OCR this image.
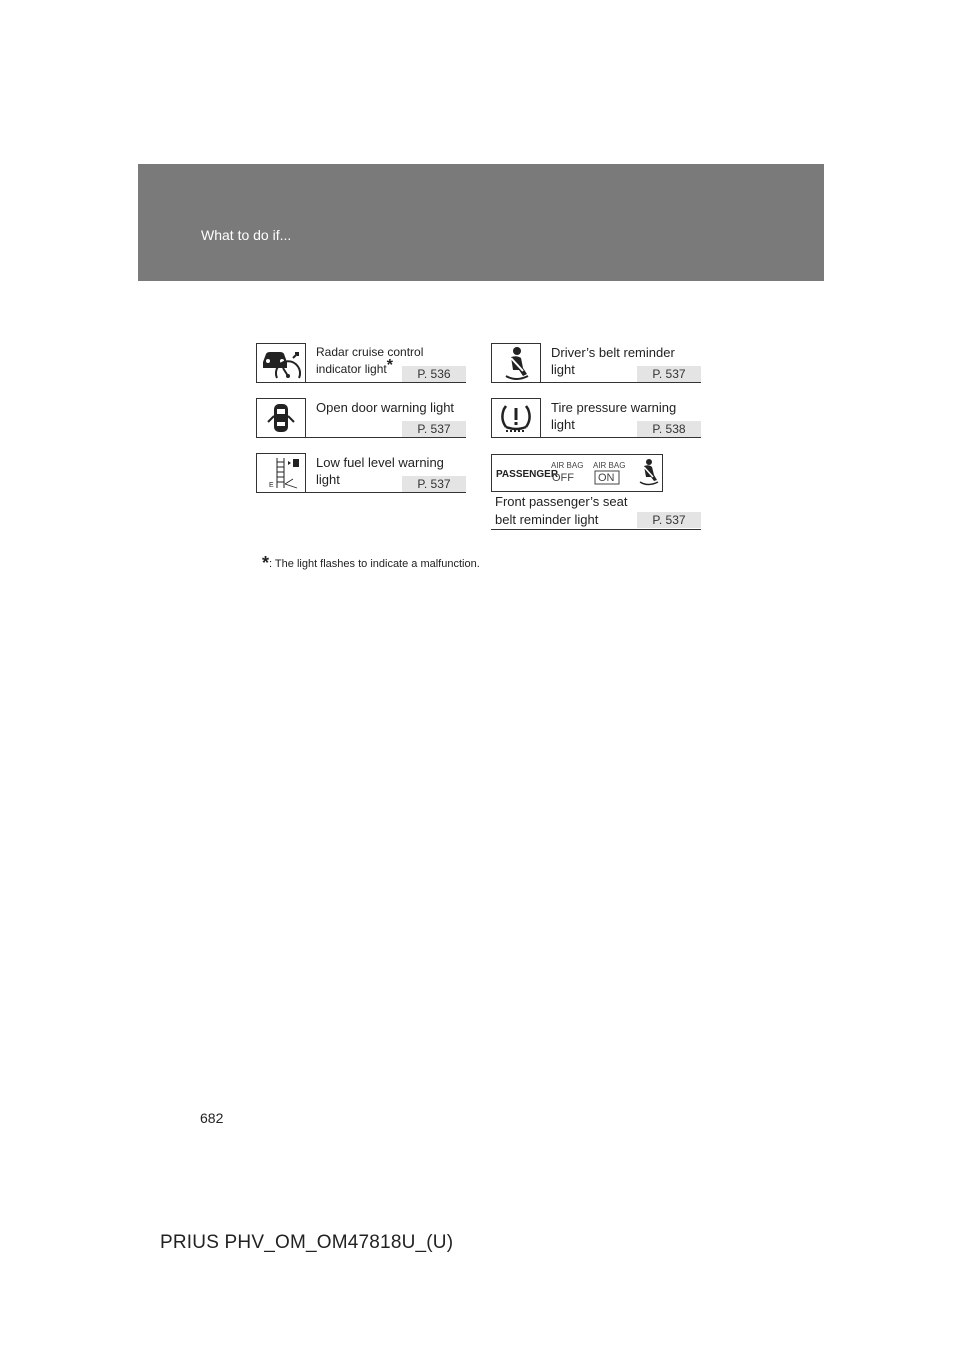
What to do if...
Radar cruise control
indicator light*	P. 536
Driver’s belt reminder
light	P. 537
Open door warning light
P. 537
Tire pressure warning
light	P. 538
E
Low fuel level warning
light	P. 537
PASSENGER
AIR BAG
OFF
AIR BAG
ON
Front passenger’s seat
belt reminder light	P. 537
*: The light flashes to indicate a malfunction.
682
PRIUS PHV_OM_OM47818U_(U)
